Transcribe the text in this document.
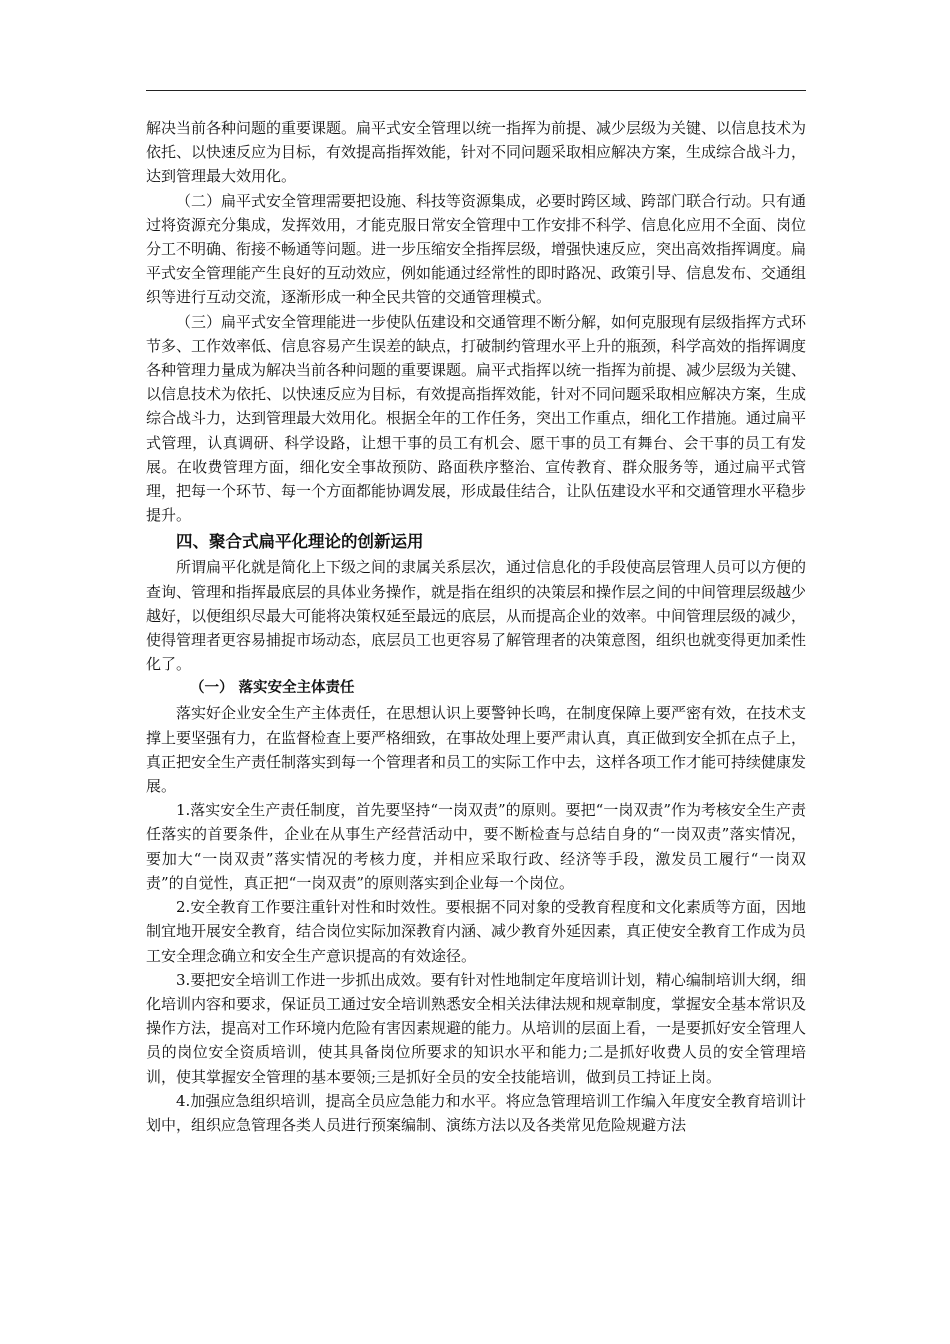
解决当前各种问题的重要课题。扁平式安全管理以统一指挥为前提、减少层级为关键、以信息技术为依托、以快速反应为目标，有效提高指挥效能，针对不同问题采取相应解决方案，生成综合战斗力，达到管理最大效用化。

（二）扁平式安全管理需要把设施、科技等资源集成，必要时跨区域、跨部门联合行动。只有通过将资源充分集成，发挥效用，才能克服日常安全管理中工作安排不科学、信息化应用不全面、岗位分工不明确、衔接不畅通等问题。进一步压缩安全指挥层级，增强快速反应，突出高效指挥调度。扁平式安全管理能产生良好的互动效应，例如能通过经常性的即时路况、政策引导、信息发布、交通组织等进行互动交流，逐渐形成一种全民共管的交通管理模式。

（三）扁平式安全管理能进一步使队伍建设和交通管理不断分解，如何克服现有层级指挥方式环节多、工作效率低、信息容易产生误差的缺点，打破制约管理水平上升的瓶颈，科学高效的指挥调度各种管理力量成为解决当前各种问题的重要课题。扁平式指挥以统一指挥为前提、减少层级为关键、以信息技术为依托、以快速反应为目标，有效提高指挥效能，针对不同问题采取相应解决方案，生成综合战斗力，达到管理最大效用化。根据全年的工作任务，突出工作重点，细化工作措施。通过扁平式管理，认真调研、科学设路，让想干事的员工有机会、愿干事的员工有舞台、会干事的员工有发展。在收费管理方面，细化安全事故预防、路面秩序整治、宣传教育、群众服务等，通过扁平式管理，把每一个环节、每一个方面都能协调发展，形成最佳结合，让队伍建设水平和交通管理水平稳步提升。

四、聚合式扁平化理论的创新运用

所谓扁平化就是简化上下级之间的隶属关系层次，通过信息化的手段使高层管理人员可以方便的查询、管理和指挥最底层的具体业务操作，就是指在组织的决策层和操作层之间的中间管理层级越少越好，以便组织尽最大可能将决策权延至最远的底层，从而提高企业的效率。中间管理层级的减少，使得管理者更容易捕捉市场动态，底层员工也更容易了解管理者的决策意图，组织也就变得更加柔性化了。

（一） 落实安全主体责任

落实好企业安全生产主体责任，在思想认识上要警钟长鸣，在制度保障上要严密有效，在技术支撑上要坚强有力，在监督检查上要严格细致，在事故处理上要严肃认真，真正做到安全抓在点子上，真正把安全生产责任制落实到每一个管理者和员工的实际工作中去，这样各项工作才能可持续健康发展。

1.落实安全生产责任制度，首先要坚持“一岗双责”的原则。要把“一岗双责”作为考核安全生产责任落实的首要条件，企业在从事生产经营活动中，要不断检查与总结自身的“一岗双责”落实情况，要加大“一岗双责”落实情况的考核力度，并相应采取行政、经济等手段，激发员工履行“一岗双责”的自觉性，真正把“一岗双责”的原则落实到企业每一个岗位。

2.安全教育工作要注重针对性和时效性。要根据不同对象的受教育程度和文化素质等方面，因地制宜地开展安全教育，结合岗位实际加深教育内涵、减少教育外延因素，真正使安全教育工作成为员工安全理念确立和安全生产意识提高的有效途径。

3.要把安全培训工作进一步抓出成效。要有针对性地制定年度培训计划，精心编制培训大纲，细化培训内容和要求，保证员工通过安全培训熟悉安全相关法律法规和规章制度，掌握安全基本常识及操作方法，提高对工作环境内危险有害因素规避的能力。从培训的层面上看，一是要抓好安全管理人员的岗位安全资质培训，使其具备岗位所要求的知识水平和能力;二是抓好收费人员的安全管理培训，使其掌握安全管理的基本要领;三是抓好全员的安全技能培训，做到员工持证上岗。

4.加强应急组织培训，提高全员应急能力和水平。将应急管理培训工作编入年度安全教育培训计划中，组织应急管理各类人员进行预案编制、演练方法以及各类常见危险规避方法
